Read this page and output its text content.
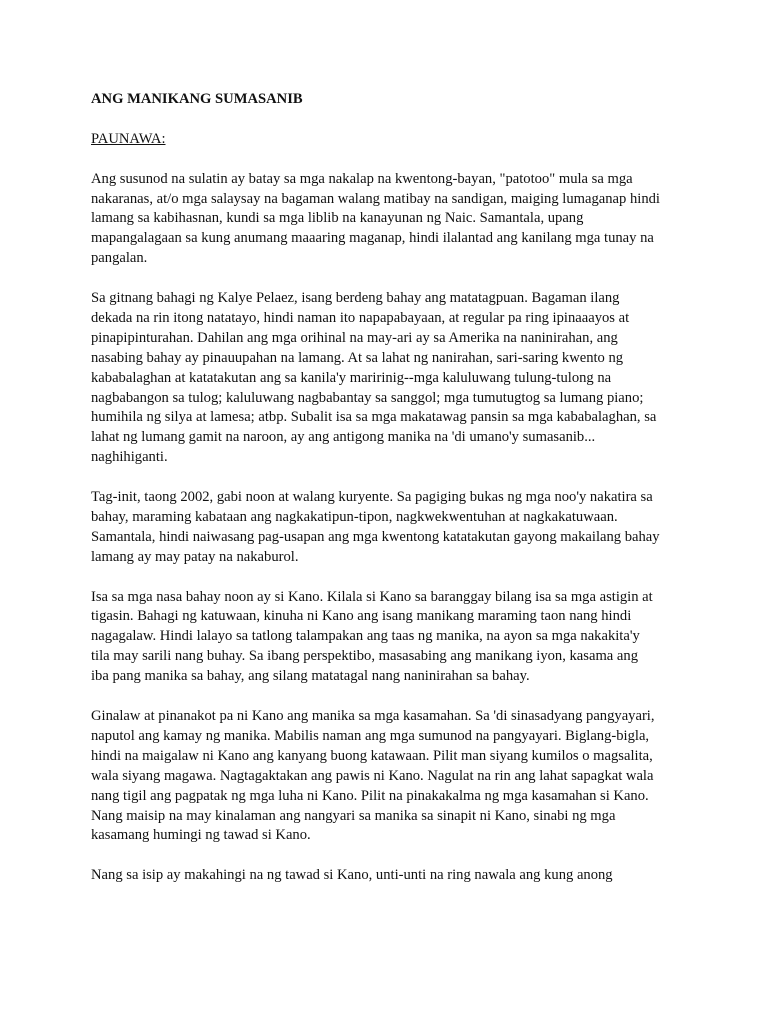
ANG MANIKANG SUMASANIB
PAUNAWA:
Ang susunod na sulatin ay batay sa mga nakalap na kwentong-bayan, "patotoo" mula sa mga
nakaranas, at/o mga salaysay na bagaman walang matibay na sandigan, maiging lumaganap hindi
lamang sa kabihasnan, kundi sa mga liblib na kanayunan ng Naic. Samantala, upang
mapangalagaan sa kung anumang maaaring maganap, hindi ilalantad ang kanilang mga tunay na
pangalan.
Sa gitnang bahagi ng Kalye Pelaez, isang berdeng bahay ang matatagpuan. Bagaman ilang
dekada na rin itong natatayo, hindi naman ito napapabayaan, at regular pa ring ipinaaayos at
pinapipinturahan. Dahilan ang mga orihinal na may-ari ay sa Amerika na naninirahan, ang
nasabing bahay ay pinauupahan na lamang. At sa lahat ng nanirahan, sari-saring kwento ng
kababalaghan at katatakutan ang sa kanila'y maririnig--mga kaluluwang tulung-tulong na
nagbabangon sa tulog; kaluluwang nagbabantay sa sanggol; mga tumutugtog sa lumang piano;
humihila ng silya at lamesa; atbp. Subalit isa sa mga makatawag pansin sa mga kababalaghan, sa
lahat ng lumang gamit na naroon, ay ang antigong manika na 'di umano'y sumasanib...
naghihiganti.
Tag-init, taong 2002, gabi noon at walang kuryente. Sa pagiging bukas ng mga noo'y nakatira sa
bahay, maraming kabataan ang nagkakatipun-tipon, nagkwekwentuhan at nagkakatuwaan.
Samantala, hindi naiwasang pag-usapan ang mga kwentong katatakutan gayong makailang bahay
lamang ay may patay na nakaburol.
Isa sa mga nasa bahay noon ay si Kano. Kilala si Kano sa baranggay bilang isa sa mga astigin at
tigasin. Bahagi ng katuwaan, kinuha ni Kano ang isang manikang maraming taon nang hindi
nagagalaw. Hindi lalayo sa tatlong talampakan ang taas ng manika, na ayon sa mga nakakita'y
tila may sarili nang buhay. Sa ibang perspektibo, masasabing ang manikang iyon, kasama ang
iba pang manika sa bahay, ang silang matatagal nang naninirahan sa bahay.
Ginalaw at pinanakot pa ni Kano ang manika sa mga kasamahan. Sa 'di sinasadyang pangyayari,
naputol ang kamay ng manika. Mabilis naman ang mga sumunod na pangyayari. Biglang-bigla,
hindi na maigalaw ni Kano ang kanyang buong katawaan. Pilit man siyang kumilos o magsalita,
wala siyang magawa. Nagtagaktakan ang pawis ni Kano. Nagulat na rin ang lahat sapagkat wala
nang tigil ang pagpatak ng mga luha ni Kano. Pilit na pinakakalma ng mga kasamahan si Kano.
Nang maisip na may kinalaman ang nangyari sa manika sa sinapit ni Kano, sinabi ng mga
kasamang humingi ng tawad si Kano.
Nang sa isip ay makahingi na ng tawad si Kano, unti-unti na ring nawala ang kung anong
